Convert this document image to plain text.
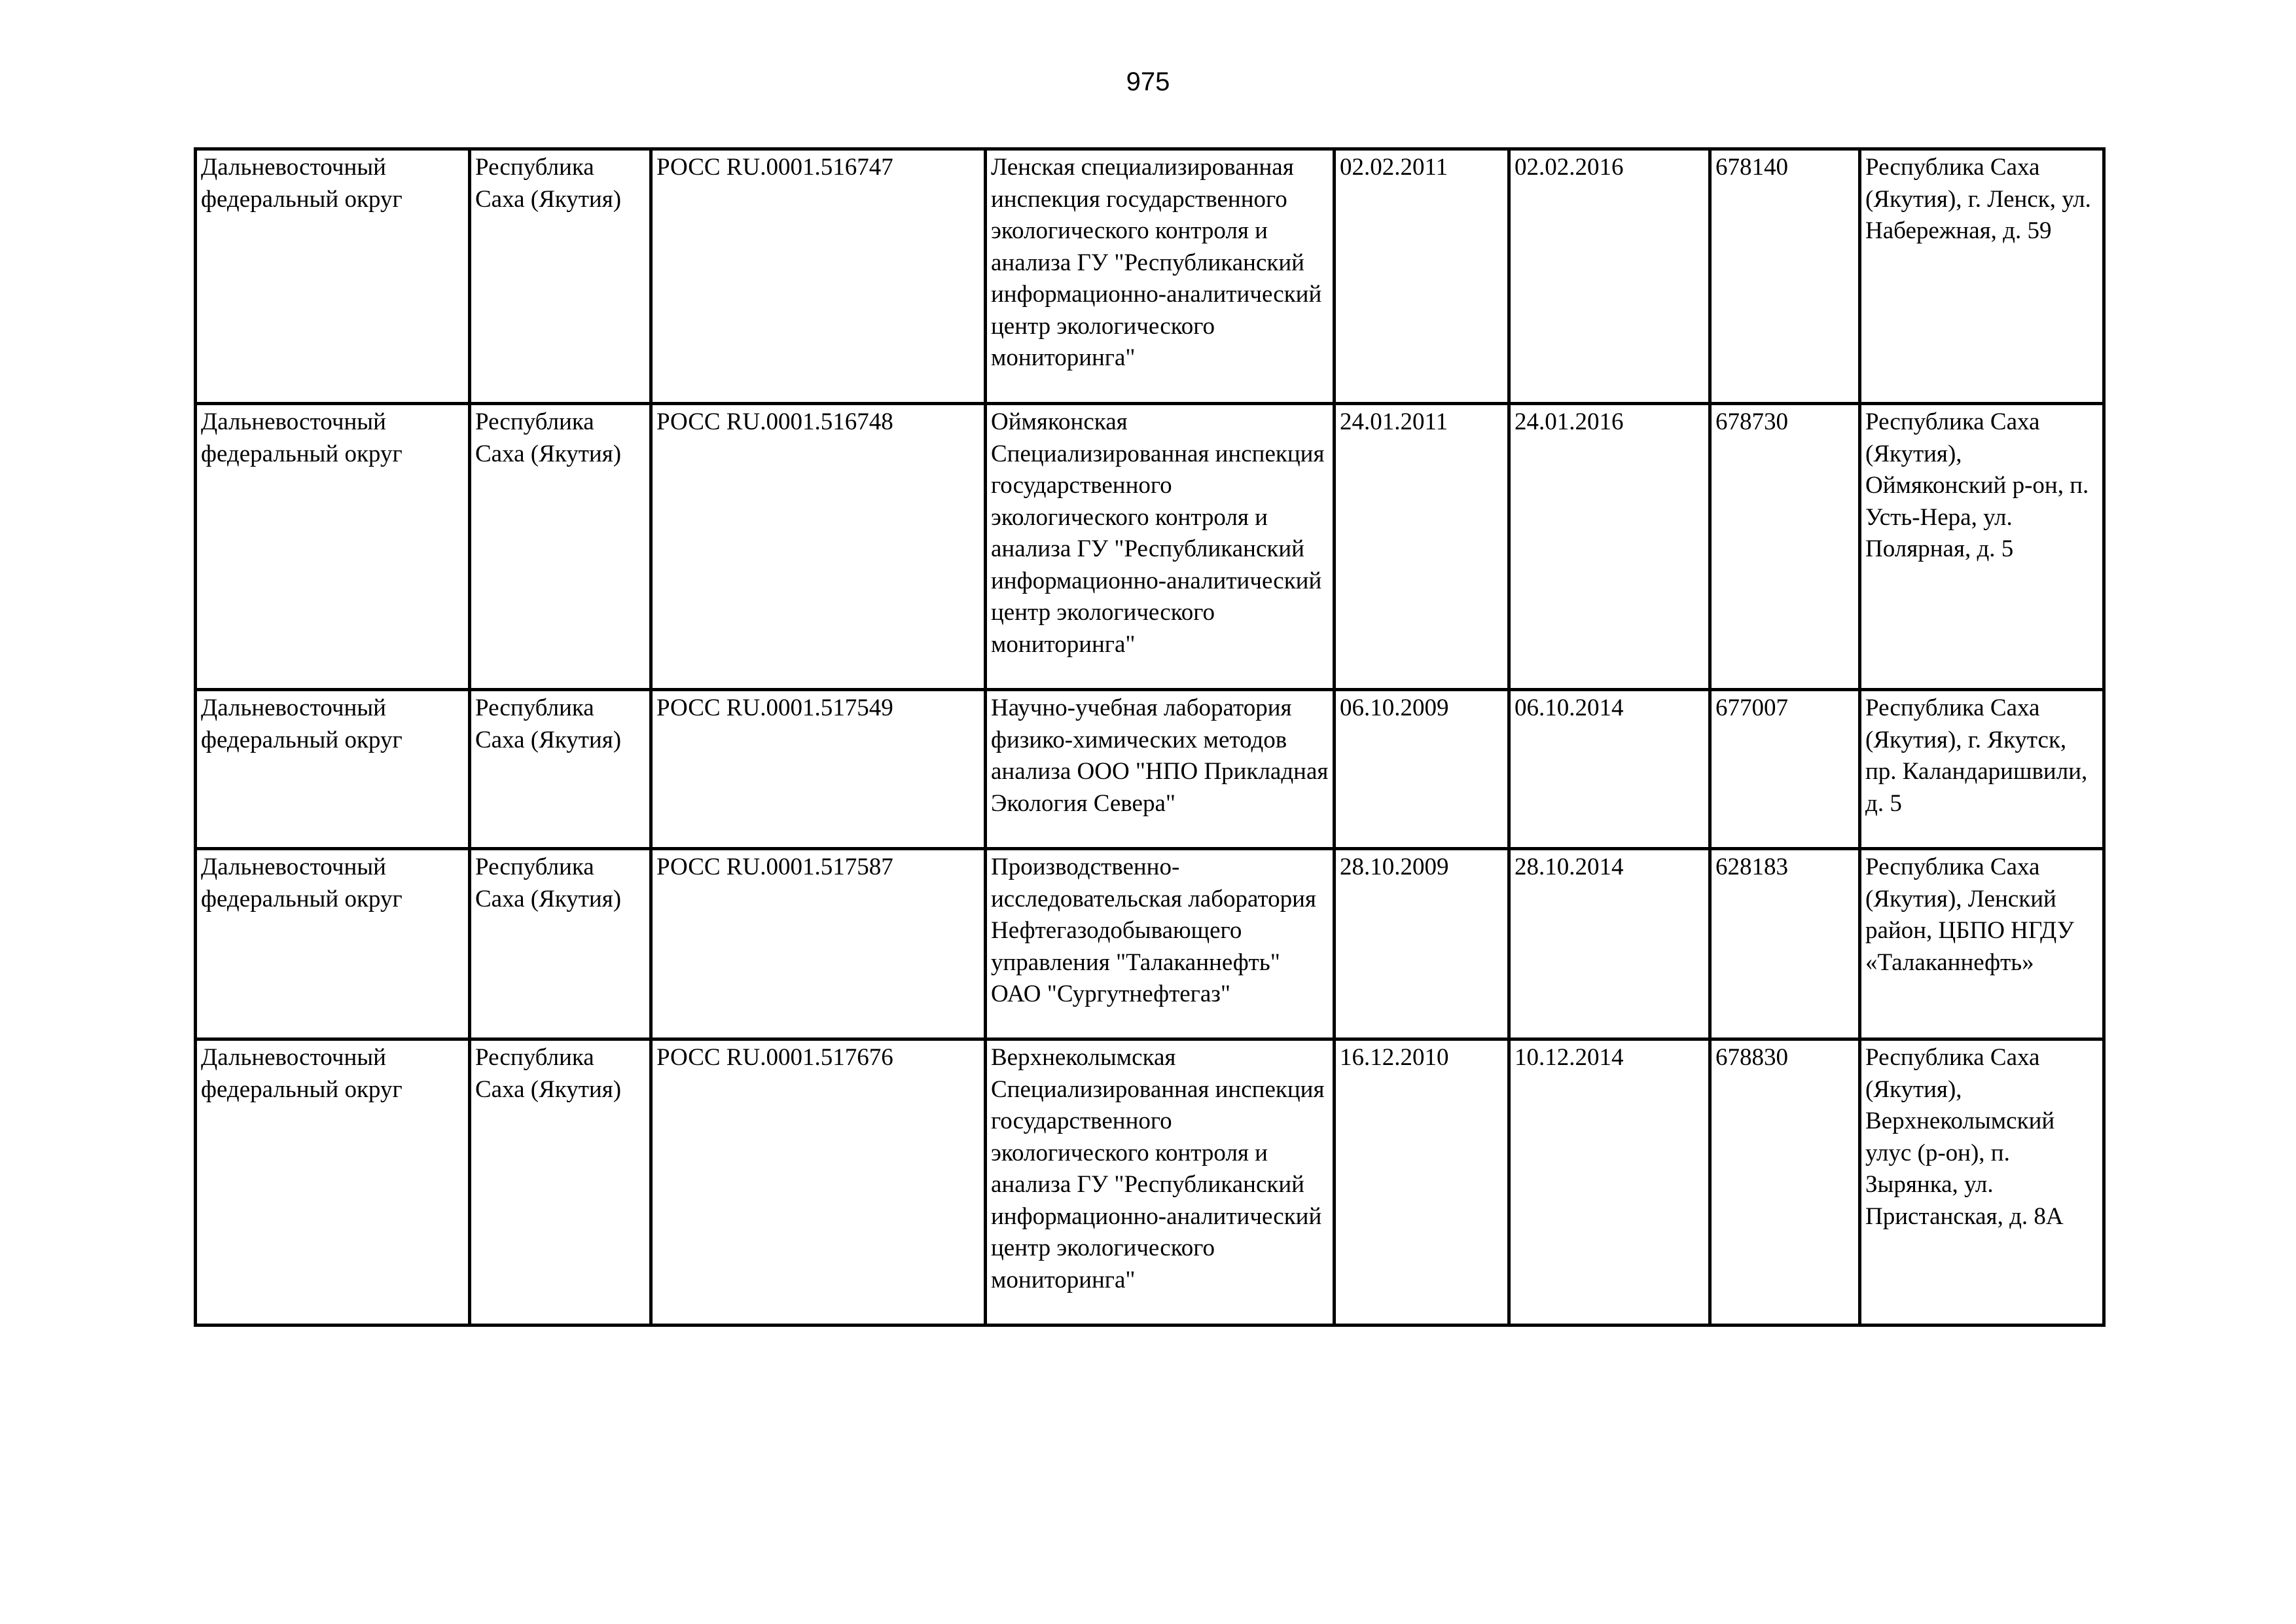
975
Дальневосточный федеральный округ	Республика Саха (Якутия)	РОСС RU.0001.516747	Ленская специализированная инспекция государственного экологического контроля и анализа ГУ "Республиканский информационно-аналитический центр экологического мониторинга"	02.02.2011	02.02.2016	678140	Республика Саха (Якутия), г. Ленск, ул. Набережная, д. 59
Дальневосточный федеральный округ	Республика Саха (Якутия)	РОСС RU.0001.516748	Оймяконская Специализированная инспекция государственного экологического контроля и анализа ГУ "Республиканский информационно-аналитический центр экологического мониторинга"	24.01.2011	24.01.2016	678730	Республика Саха (Якутия), Оймяконский р-он, п. Усть-Нера, ул. Полярная, д. 5
Дальневосточный федеральный округ	Республика Саха (Якутия)	РОСС RU.0001.517549	Научно-учебная лаборатория физико-химических методов анализа ООО "НПО Прикладная Экология Севера"	06.10.2009	06.10.2014	677007	Республика Саха (Якутия), г. Якутск, пр. Каландаришвили, д. 5
Дальневосточный федеральный округ	Республика Саха (Якутия)	РОСС RU.0001.517587	Производственно-исследовательская лаборатория Нефтегазодобывающего управления "Талаканнефть" ОАО "Сургутнефтегаз"	28.10.2009	28.10.2014	628183	Республика Саха (Якутия), Ленский район, ЦБПО НГДУ «Талаканнефть»
Дальневосточный федеральный округ	Республика Саха (Якутия)	РОСС RU.0001.517676	Верхнеколымская Специализированная инспекция государственного экологического контроля и анализа ГУ "Республиканский информационно-аналитический центр экологического мониторинга"	16.12.2010	10.12.2014	678830	Республика Саха (Якутия), Верхнеколымский улус (р-он), п. Зырянка, ул. Пристанская, д. 8А
